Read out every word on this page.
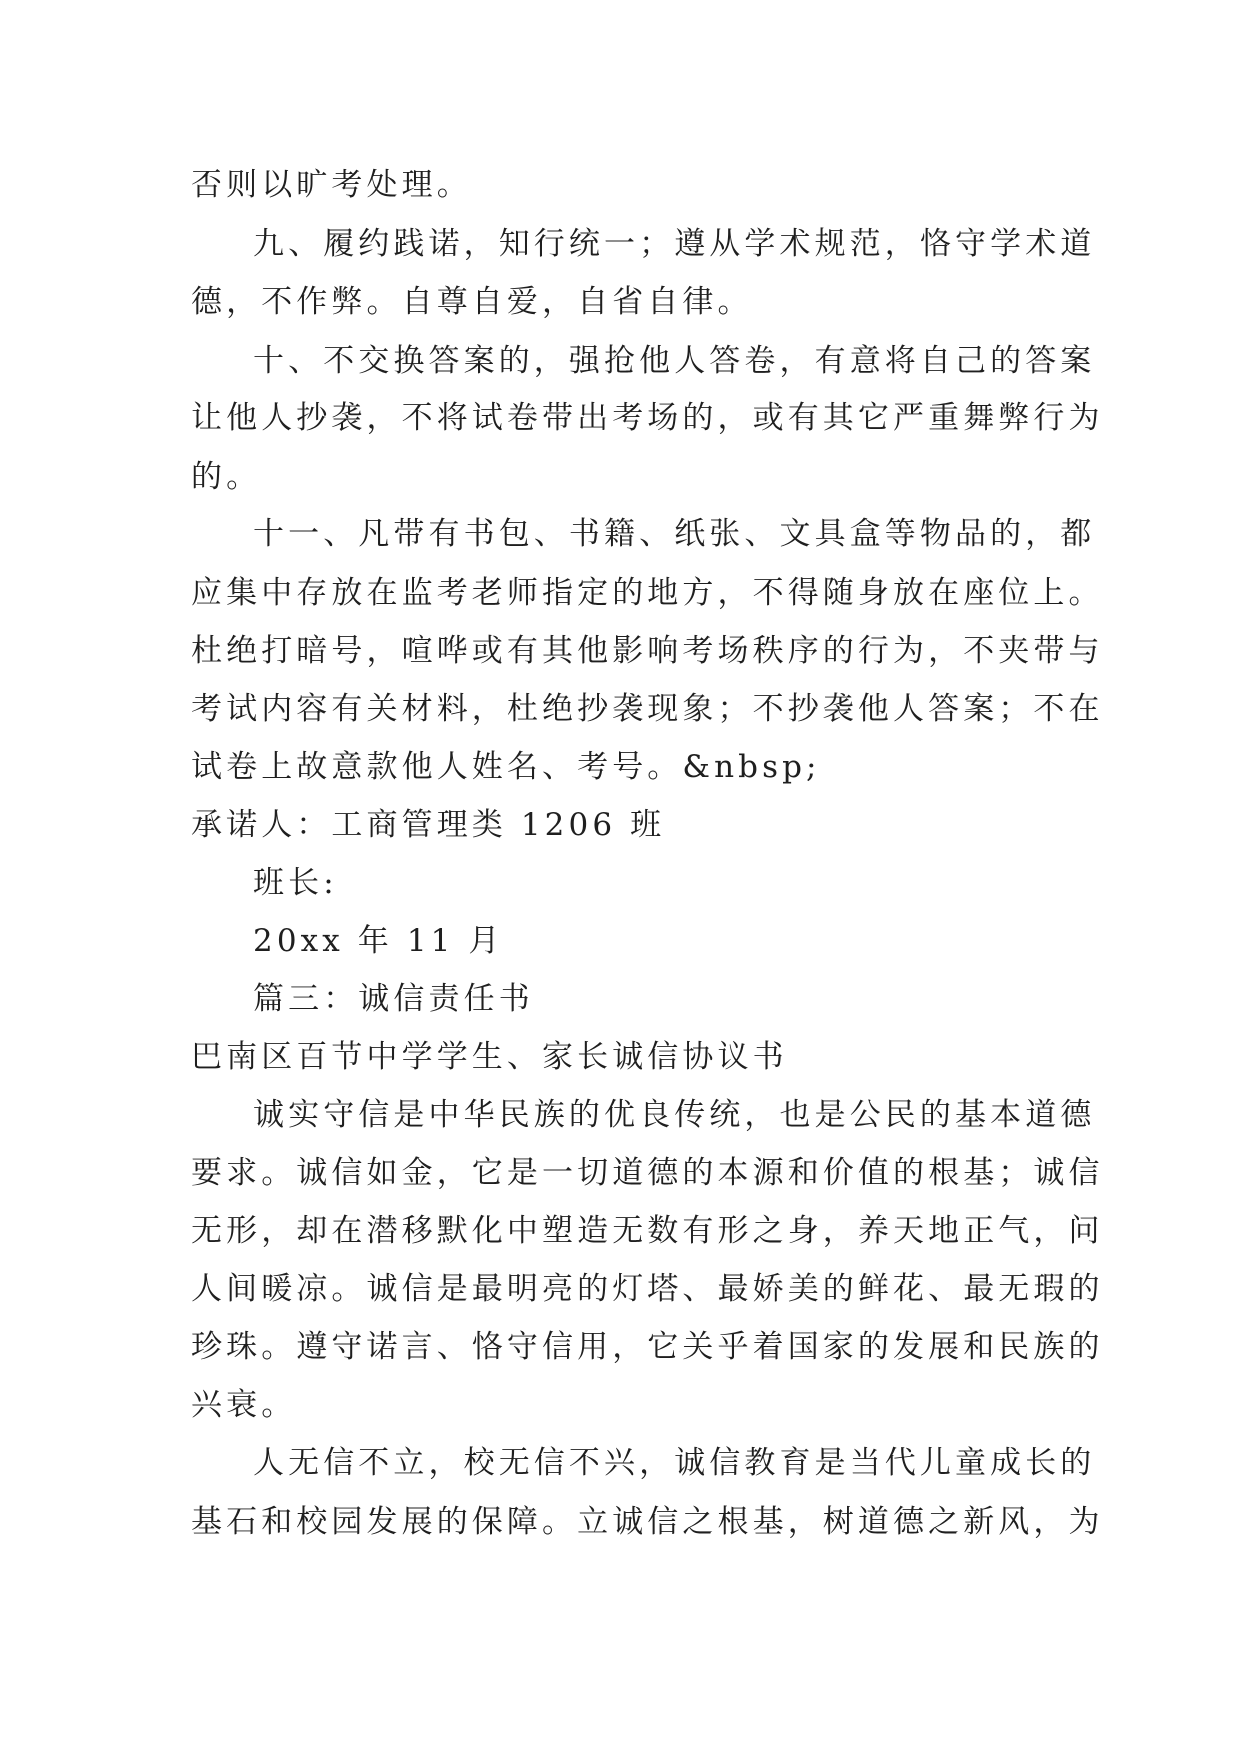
否则以旷考处理。
九、履约践诺，知行统一；遵从学术规范，恪守学术道
德，不作弊。自尊自爱，自省自律。
十、不交换答案的，强抢他人答卷，有意将自己的答案
让他人抄袭，不将试卷带出考场的，或有其它严重舞弊行为
的。
十一、凡带有书包、书籍、纸张、文具盒等物品的，都
应集中存放在监考老师指定的地方，不得随身放在座位上。
杜绝打暗号，喧哗或有其他影响考场秩序的行为，不夹带与
考试内容有关材料，杜绝抄袭现象；不抄袭他人答案；不在
试卷上故意款他人姓名、考号。&nbsp;
承诺人：工商管理类 1206 班
班长:
20xx 年 11 月
篇三：诚信责任书
巴南区百节中学学生、家长诚信协议书
诚实守信是中华民族的优良传统，也是公民的基本道德
要求。诚信如金，它是一切道德的本源和价值的根基；诚信
无形，却在潜移默化中塑造无数有形之身，养天地正气，问
人间暖凉。诚信是最明亮的灯塔、最娇美的鲜花、最无瑕的
珍珠。遵守诺言、恪守信用，它关乎着国家的发展和民族的
兴衰。
人无信不立，校无信不兴，诚信教育是当代儿童成长的
基石和校园发展的保障。立诚信之根基，树道德之新风，为
